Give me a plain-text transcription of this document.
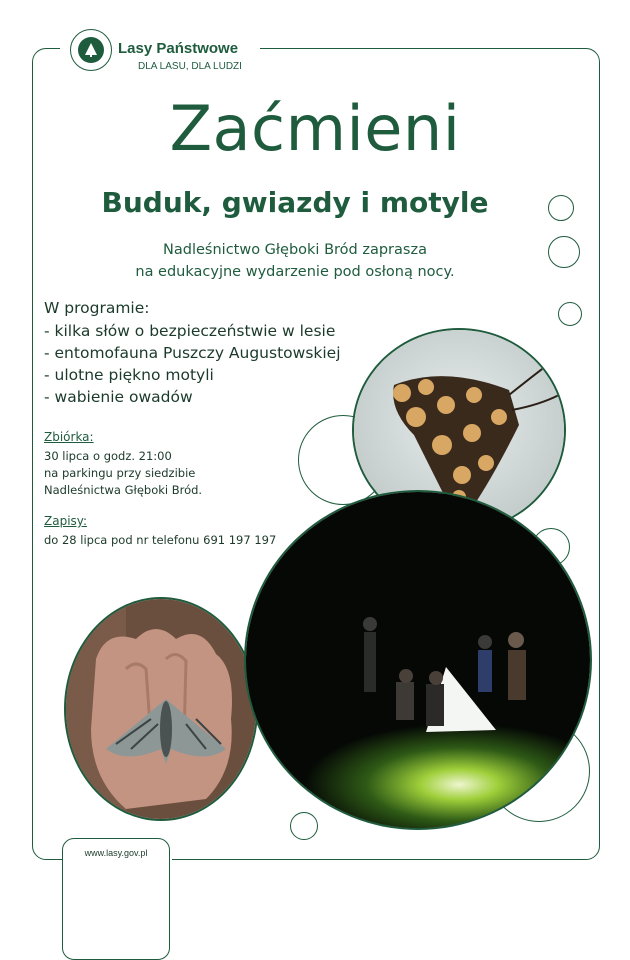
Lasy Państwowe
DLA LASU, DLA LUDZI
Zaćmieni
Buduk, gwiazdy i motyle
Nadleśnictwo Głęboki Bród zaprasza
na edukacyjne wydarzenie pod osłoną nocy.
W programie:
- kilka słów o bezpieczeństwie w lesie
- entomofauna Puszczy Augustowskiej
- ulotne piękno motyli
- wabienie owadów
Zbiórka:
30 lipca o godz. 21:00
na parkingu przy siedzibie
Nadleśnictwa Głęboki Bród.
Zapisy:
do 28 lipca pod nr telefonu 691 197 197
www.lasy.gov.pl
